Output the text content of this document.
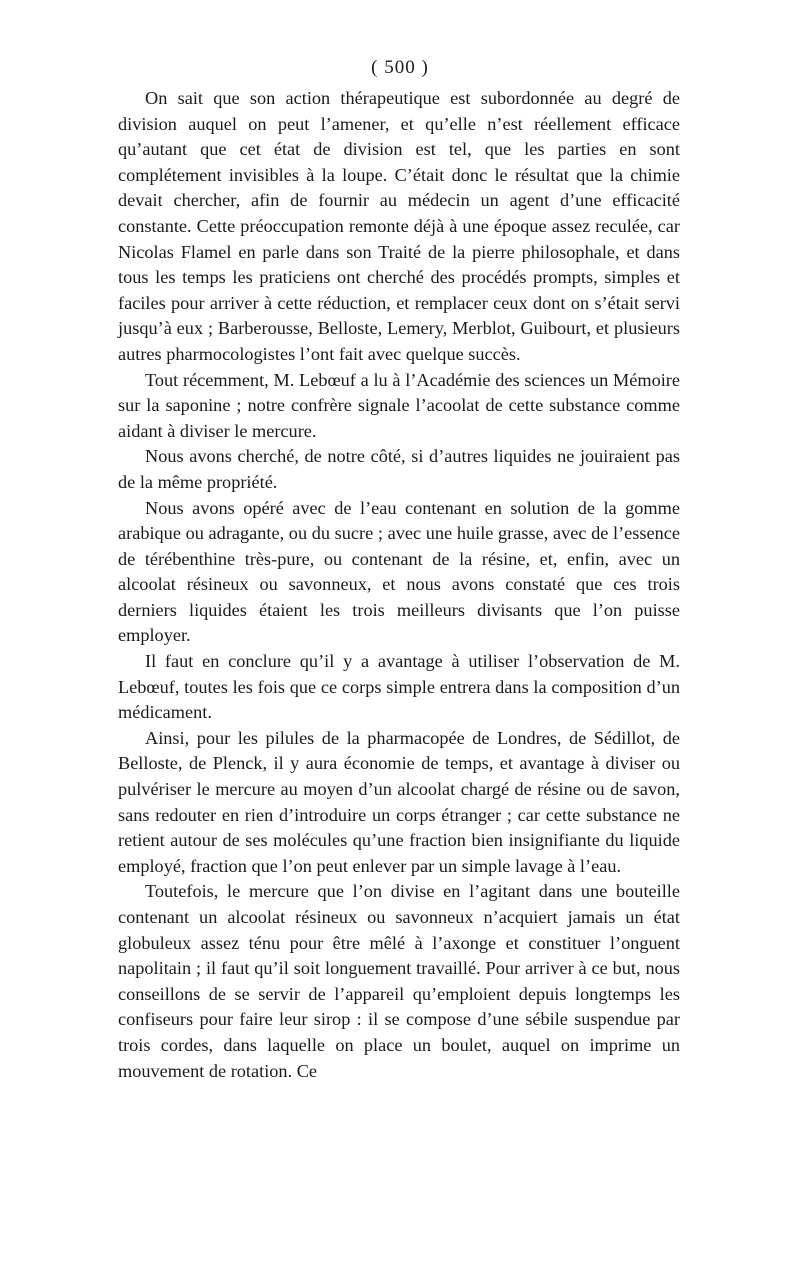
( 500 )

On sait que son action thérapeutique est subordonnée au degré de division auquel on peut l’amener, et qu’elle n’est réellement efficace qu’autant que cet état de division est tel, que les parties en sont complétement invisibles à la loupe. C’était donc le résultat que la chimie devait chercher, afin de fournir au médecin un agent d’une efficacité constante. Cette préoccupation remonte déjà à une époque assez reculée, car Nicolas Flamel en parle dans son Traité de la pierre philosophale, et dans tous les temps les praticiens ont cherché des procédés prompts, simples et faciles pour arriver à cette réduction, et remplacer ceux dont on s’était servi jusqu’à eux ; Barberousse, Belloste, Lemery, Merblot, Guibourt, et plusieurs autres pharmocologistes l’ont fait avec quelque succès.

Tout récemment, M. Lebœuf a lu à l’Académie des sciences un Mémoire sur la saponine ; notre confrère signale l’acoolat de cette substance comme aidant à diviser le mercure.

Nous avons cherché, de notre côté, si d’autres liquides ne jouiraient pas de la même propriété.

Nous avons opéré avec de l’eau contenant en solution de la gomme arabique ou adragante, ou du sucre ; avec une huile grasse, avec de l’essence de térébenthine très-pure, ou contenant de la résine, et, enfin, avec un alcoolat résineux ou savonneux, et nous avons constaté que ces trois derniers liquides étaient les trois meilleurs divisants que l’on puisse employer.

Il faut en conclure qu’il y a avantage à utiliser l’observation de M. Lebœuf, toutes les fois que ce corps simple entrera dans la composition d’un médicament.

Ainsi, pour les pilules de la pharmacopée de Londres, de Sédillot, de Belloste, de Plenck, il y aura économie de temps, et avantage à diviser ou pulvériser le mercure au moyen d’un alcoolat chargé de résine ou de savon, sans redouter en rien d’introduire un corps étranger ; car cette substance ne retient autour de ses molécules qu’une fraction bien insignifiante du liquide employé, fraction que l’on peut enlever par un simple lavage à l’eau.

Toutefois, le mercure que l’on divise en l’agitant dans une bouteille contenant un alcoolat résineux ou savonneux n’acquiert jamais un état globuleux assez ténu pour être mêlé à l’axonge et constituer l’onguent napolitain ; il faut qu’il soit longuement travaillé. Pour arriver à ce but, nous conseillons de se servir de l’appareil qu’emploient depuis longtemps les confiseurs pour faire leur sirop : il se compose d’une sébile suspendue par trois cordes, dans laquelle on place un boulet, auquel on imprime un mouvement de rotation. Ce
